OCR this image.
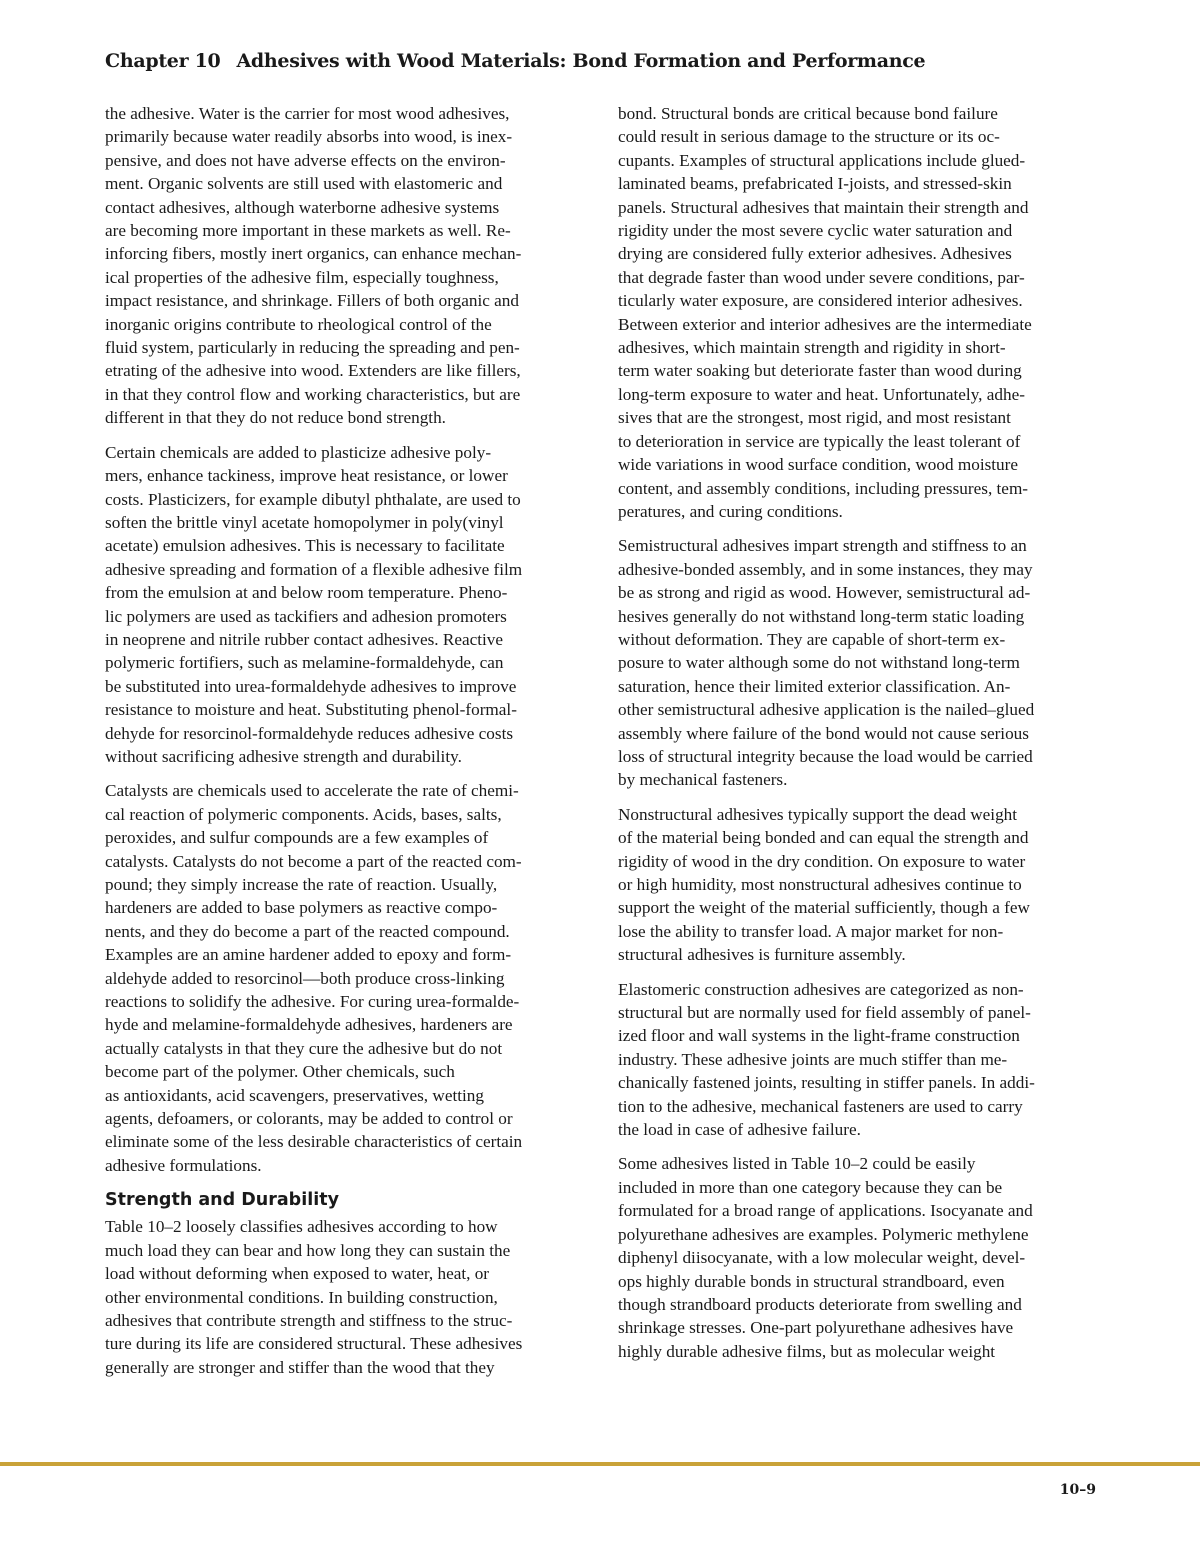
Chapter 10 Adhesives with Wood Materials: Bond Formation and Performance
the adhesive. Water is the carrier for most wood adhesives,
primarily because water readily absorbs into wood, is inex-
pensive, and does not have adverse effects on the environ-
ment. Organic solvents are still used with elastomeric and
contact adhesives, although waterborne adhesive systems
are becoming more important in these markets as well. Re-
inforcing fibers, mostly inert organics, can enhance mechan-
ical properties of the adhesive film, especially toughness,
impact resistance, and shrinkage. Fillers of both organic and
inorganic origins contribute to rheological control of the
fluid system, particularly in reducing the spreading and pen-
etrating of the adhesive into wood. Extenders are like fillers,
in that they control flow and working characteristics, but are
different in that they do not reduce bond strength.
Certain chemicals are added to plasticize adhesive poly-
mers, enhance tackiness, improve heat resistance, or lower
costs. Plasticizers, for example dibutyl phthalate, are used to
soften the brittle vinyl acetate homopolymer in poly(vinyl
acetate) emulsion adhesives. This is necessary to facilitate
adhesive spreading and formation of a flexible adhesive film
from the emulsion at and below room temperature. Pheno-
lic polymers are used as tackifiers and adhesion promoters
in neoprene and nitrile rubber contact adhesives. Reactive
polymeric fortifiers, such as melamine-formaldehyde, can
be substituted into urea-formaldehyde adhesives to improve
resistance to moisture and heat. Substituting phenol-formal-
dehyde for resorcinol-formaldehyde reduces adhesive costs
without sacrificing adhesive strength and durability.
Catalysts are chemicals used to accelerate the rate of chemi-
cal reaction of polymeric components. Acids, bases, salts,
peroxides, and sulfur compounds are a few examples of
catalysts. Catalysts do not become a part of the reacted com-
pound; they simply increase the rate of reaction. Usually,
hardeners are added to base polymers as reactive compo-
nents, and they do become a part of the reacted compound.
Examples are an amine hardener added to epoxy and form-
aldehyde added to resorcinol—both produce cross-linking
reactions to solidify the adhesive. For curing urea-formalde-
hyde and melamine-formaldehyde adhesives, hardeners are
actually catalysts in that they cure the adhesive but do not
become part of the polymer. Other chemicals, such
as antioxidants, acid scavengers, preservatives, wetting
agents, defoamers, or colorants, may be added to control or
eliminate some of the less desirable characteristics of certain
adhesive formulations.
Strength and Durability
Table 10–2 loosely classifies adhesives according to how
much load they can bear and how long they can sustain the
load without deforming when exposed to water, heat, or
other environmental conditions. In building construction,
adhesives that contribute strength and stiffness to the struc-
ture during its life are considered structural. These adhesives
generally are stronger and stiffer than the wood that they
bond. Structural bonds are critical because bond failure
could result in serious damage to the structure or its oc-
cupants. Examples of structural applications include glued-
laminated beams, prefabricated I-joists, and stressed-skin
panels. Structural adhesives that maintain their strength and
rigidity under the most severe cyclic water saturation and
drying are considered fully exterior adhesives. Adhesives
that degrade faster than wood under severe conditions, par-
ticularly water exposure, are considered interior adhesives.
Between exterior and interior adhesives are the intermediate
adhesives, which maintain strength and rigidity in short-
term water soaking but deteriorate faster than wood during
long-term exposure to water and heat. Unfortunately, adhe-
sives that are the strongest, most rigid, and most resistant
to deterioration in service are typically the least tolerant of
wide variations in wood surface condition, wood moisture
content, and assembly conditions, including pressures, tem-
peratures, and curing conditions.
Semistructural adhesives impart strength and stiffness to an
adhesive-bonded assembly, and in some instances, they may
be as strong and rigid as wood. However, semistructural ad-
hesives generally do not withstand long-term static loading
without deformation. They are capable of short-term ex-
posure to water although some do not withstand long-term
saturation, hence their limited exterior classification. An-
other semistructural adhesive application is the nailed–glued
assembly where failure of the bond would not cause serious
loss of structural integrity because the load would be carried
by mechanical fasteners.
Nonstructural adhesives typically support the dead weight
of the material being bonded and can equal the strength and
rigidity of wood in the dry condition. On exposure to water
or high humidity, most nonstructural adhesives continue to
support the weight of the material sufficiently, though a few
lose the ability to transfer load. A major market for non-
structural adhesives is furniture assembly.
Elastomeric construction adhesives are categorized as non-
structural but are normally used for field assembly of panel-
ized floor and wall systems in the light-frame construction
industry. These adhesive joints are much stiffer than me-
chanically fastened joints, resulting in stiffer panels. In addi-
tion to the adhesive, mechanical fasteners are used to carry
the load in case of adhesive failure.
Some adhesives listed in Table 10–2 could be easily
included in more than one category because they can be
formulated for a broad range of applications. Isocyanate and
polyurethane adhesives are examples. Polymeric methylene
diphenyl diisocyanate, with a low molecular weight, devel-
ops highly durable bonds in structural strandboard, even
though strandboard products deteriorate from swelling and
shrinkage stresses. One-part polyurethane adhesives have
highly durable adhesive films, but as molecular weight
10–9
